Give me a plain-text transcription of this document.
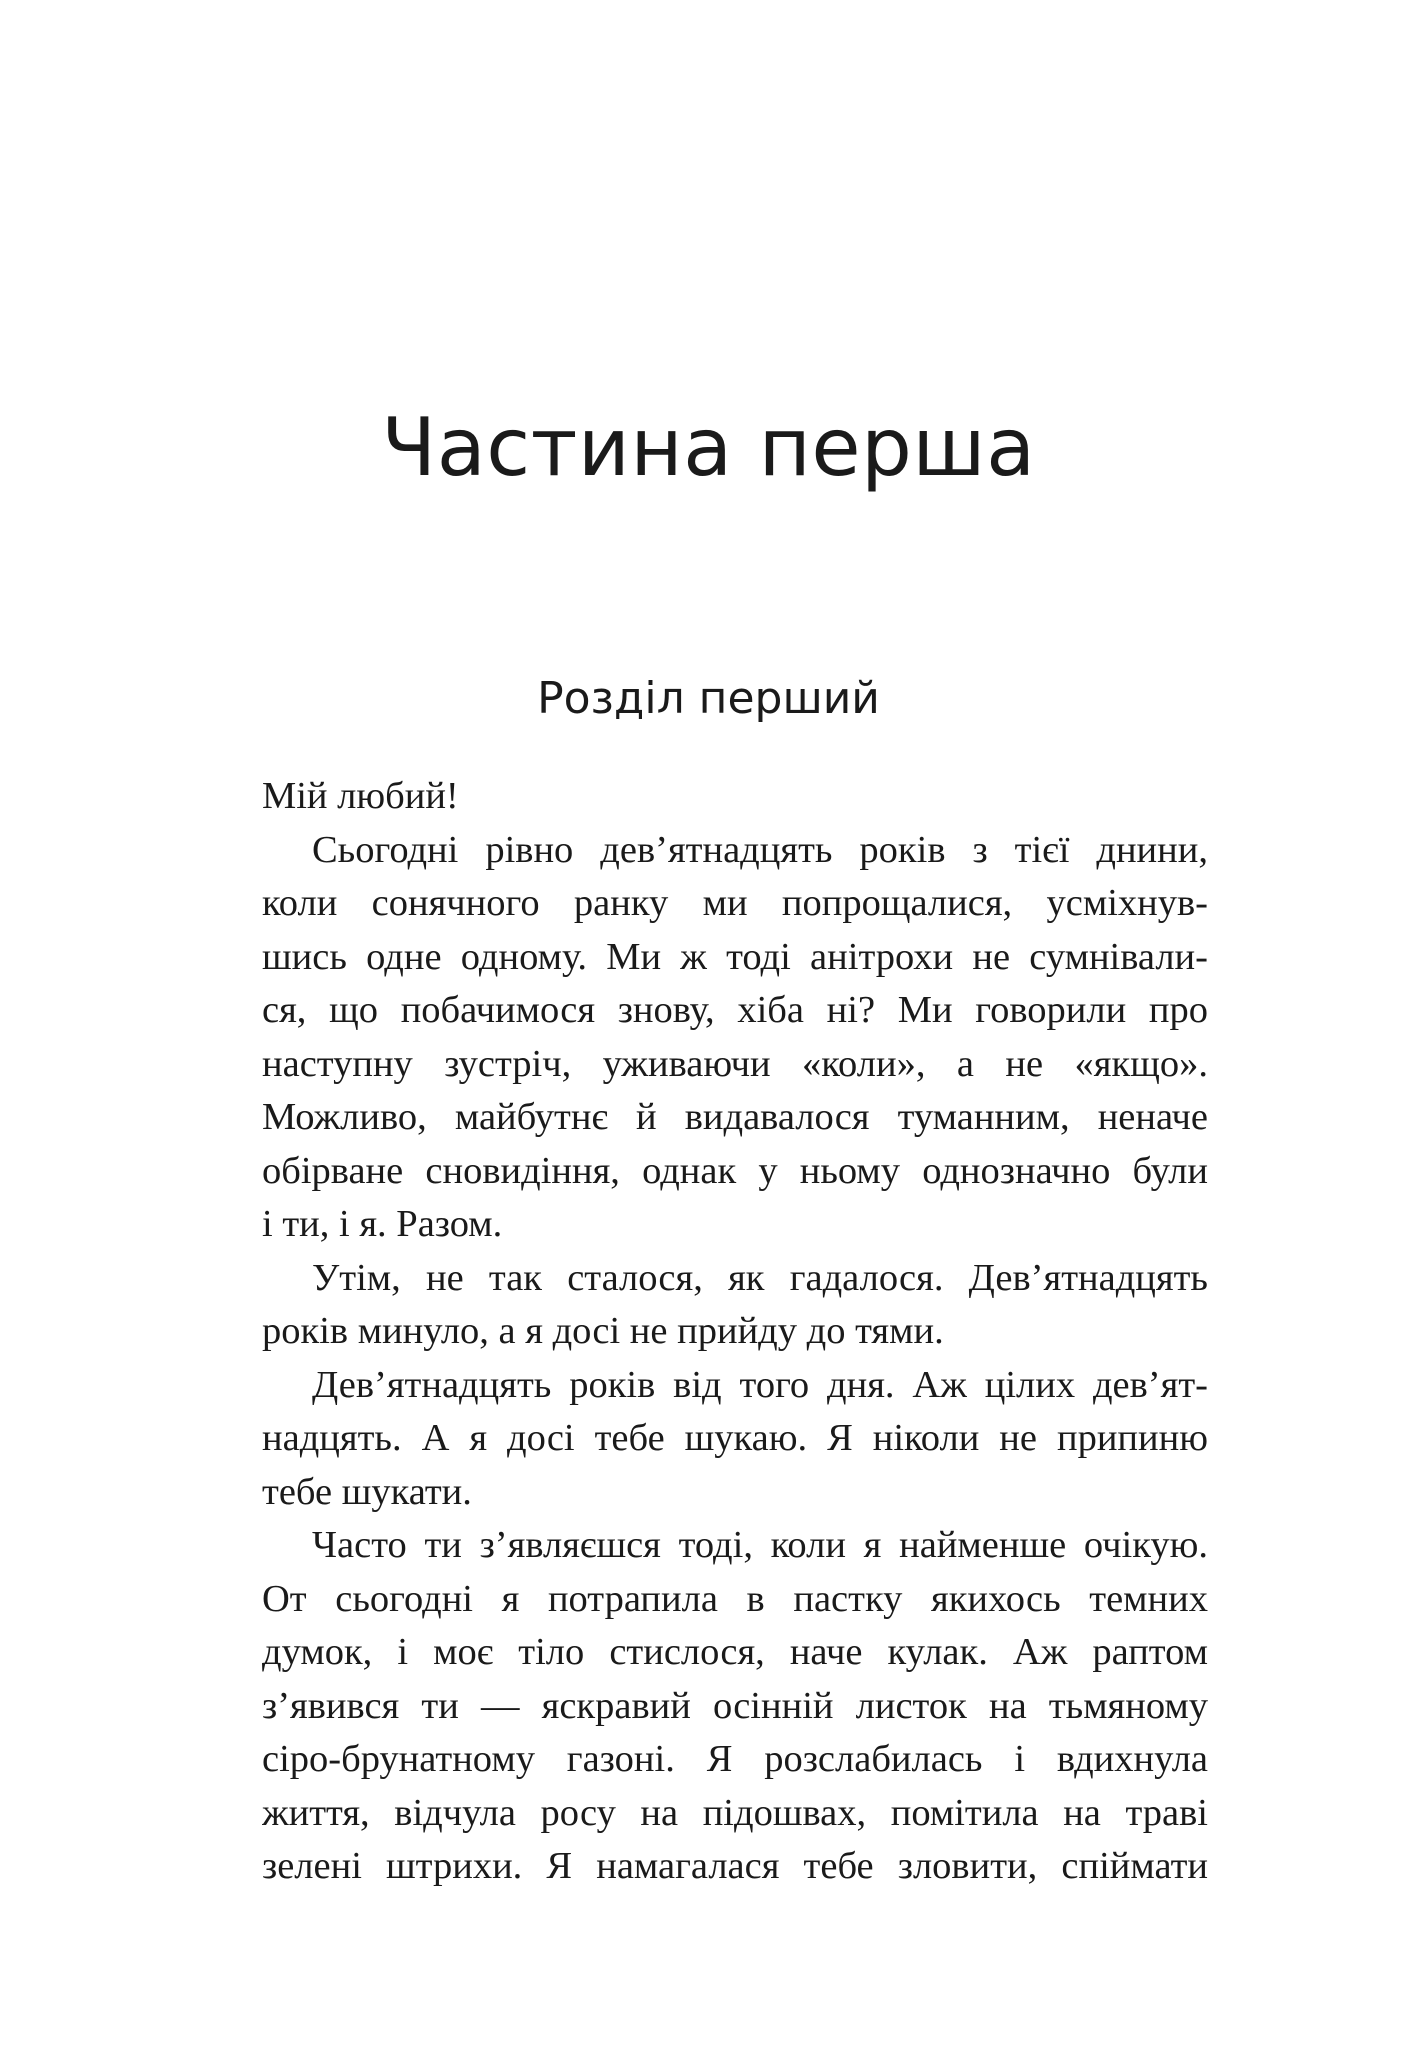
Частина перша
Розділ перший
Мій любий!
Сьогодні рівно дев’ятнадцять років з тієї днини,
коли сонячного ранку ми попрощалися, усміхнув-
шись одне одному. Ми ж тоді анітрохи не сумнівали-
ся, що побачимося знову, хіба ні? Ми говорили про
наступну зустріч, уживаючи «коли», а не «якщо».
Можливо, майбутнє й видавалося туманним, неначе
обірване сновидіння, однак у ньому однозначно були
і ти, і я. Разом.
Утім, не так сталося, як гадалося. Дев’ятнадцять
років минуло, а я досі не прийду до тями.
Дев’ятнадцять років від того дня. Аж цілих дев’ят-
надцять. А я досі тебе шукаю. Я ніколи не припиню
тебе шукати.
Часто ти з’являєшся тоді, коли я найменше очікую.
От сьогодні я потрапила в пастку якихось темних
думок, і моє тіло стислося, наче кулак. Аж раптом
з’явився ти — яскравий осінній листок на тьмяному
сіро-брунатному газоні. Я розслабилась і вдихнула
життя, відчула росу на підошвах, помітила на траві
зелені штрихи. Я намагалася тебе зловити, спіймати
